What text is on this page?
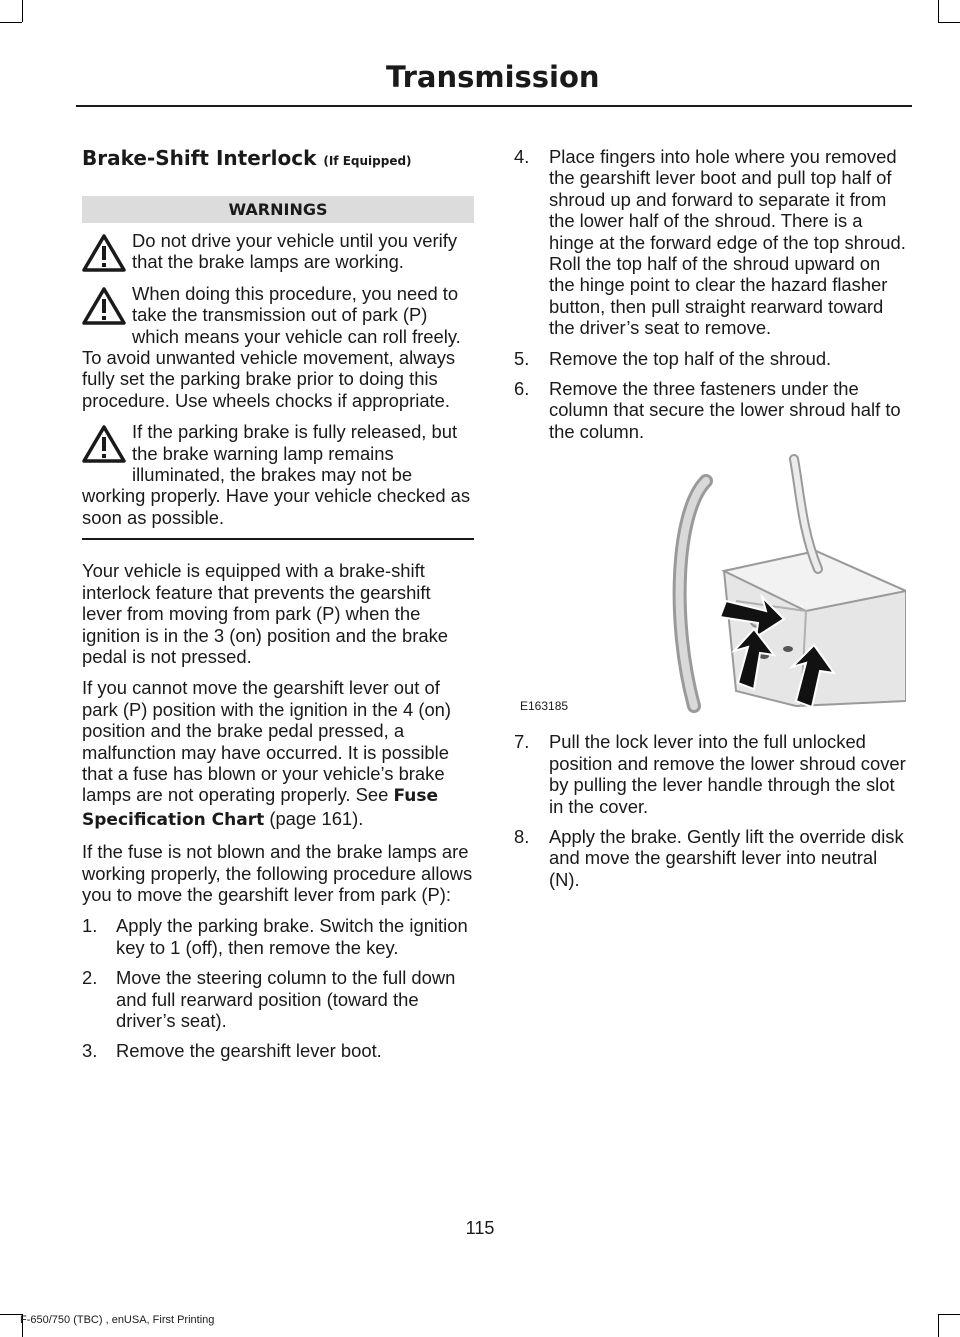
Transmission
Brake-Shift Interlock (If Equipped)
WARNINGS

Do not drive your vehicle until you verify that the brake lamps are working.

When doing this procedure, you need to take the transmission out of park (P) which means your vehicle can roll freely. To avoid unwanted vehicle movement, always fully set the parking brake prior to doing this procedure. Use wheels chocks if appropriate.

If the parking brake is fully released, but the brake warning lamp remains illuminated, the brakes may not be working properly. Have your vehicle checked as soon as possible.

Your vehicle is equipped with a brake-shift interlock feature that prevents the gearshift lever from moving from park (P) when the ignition is in the 3 (on) position and the brake pedal is not pressed.

If you cannot move the gearshift lever out of park (P) position with the ignition in the 4 (on) position and the brake pedal pressed, a malfunction may have occurred. It is possible that a fuse has blown or your vehicle’s brake lamps are not operating properly. See Fuse Specification Chart (page 161).

If the fuse is not blown and the brake lamps are working properly, the following procedure allows you to move the gearshift lever from park (P):

1. Apply the parking brake. Switch the ignition key to 1 (off), then remove the key.
2. Move the steering column to the full down and full rearward position (toward the driver’s seat).
3. Remove the gearshift lever boot.
4. Place fingers into hole where you removed the gearshift lever boot and pull top half of shroud up and forward to separate it from the lower half of the shroud. There is a hinge at the forward edge of the top shroud. Roll the top half of the shroud upward on the hinge point to clear the hazard flasher button, then pull straight rearward toward the driver’s seat to remove.
5. Remove the top half of the shroud.
6. Remove the three fasteners under the column that secure the lower shroud half to the column.
E163185
7. Pull the lock lever into the full unlocked position and remove the lower shroud cover by pulling the lever handle through the slot in the cover.
8. Apply the brake. Gently lift the override disk and move the gearshift lever into neutral (N).
115
F-650/750 (TBC) , enUSA, First Printing
